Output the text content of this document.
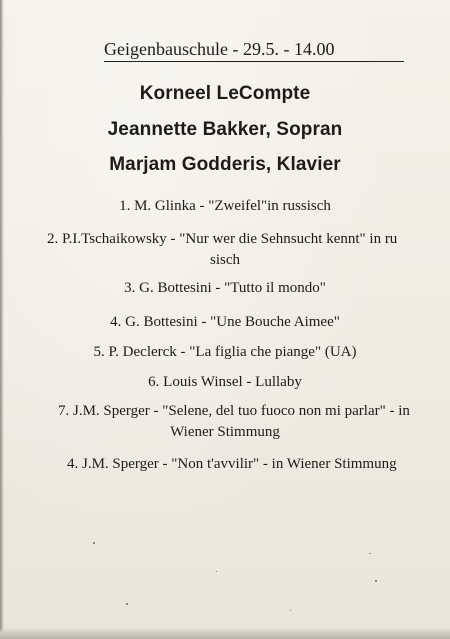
Geigenbauschule - 29.5. - 14.00
Korneel LeCompte
Jeannette Bakker, Sopran
Marjam Godderis, Klavier
1. M. Glinka - "Zweifel"in russisch
2. P.I.Tschaikowsky - "Nur wer die Sehnsucht kennt" in ru
sisch
3. G. Bottesini - "Tutto il mondo"
4. G. Bottesini - "Une Bouche Aimee"
5. P. Declerck - "La figlia che piange" (UA)
6. Louis Winsel - Lullaby
7. J.M. Sperger - "Selene, del tuo fuoco non mi parlar" - in
Wiener Stimmung
4. J.M. Sperger - "Non t'avvilir" - in Wiener Stimmung
